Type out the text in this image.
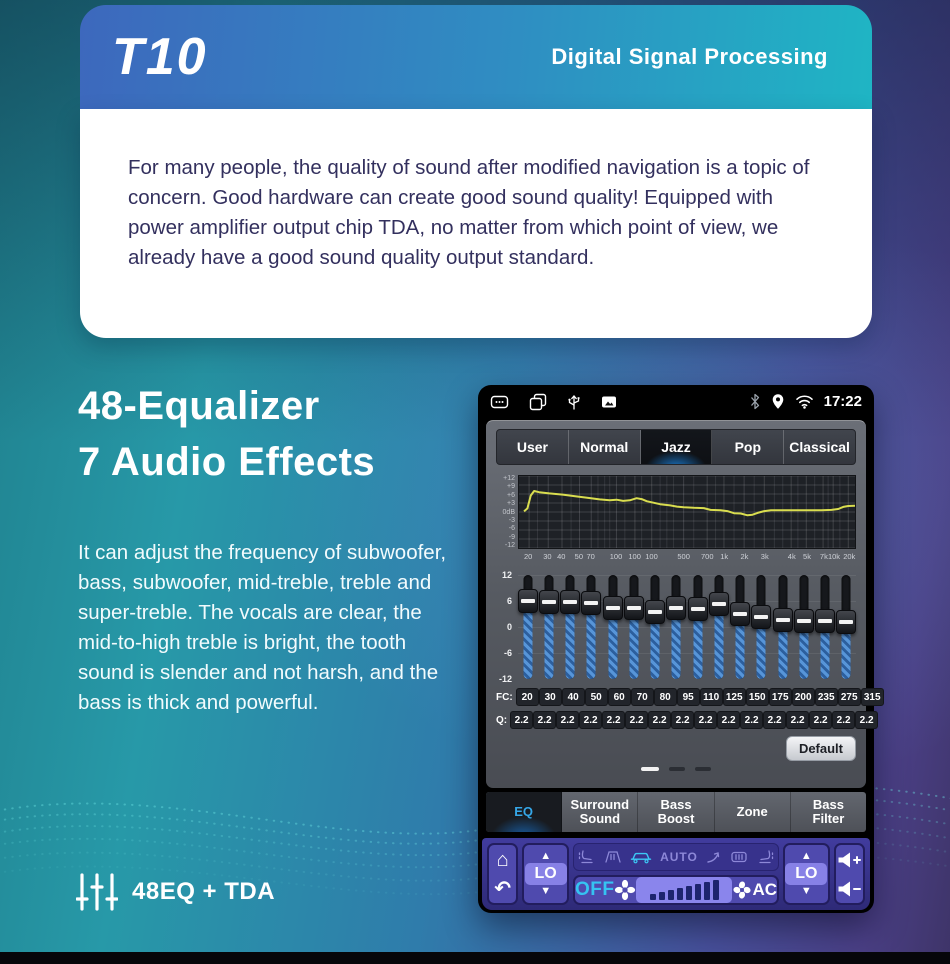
T10	Digital Signal Processing
For many people, the quality of sound after modified navigation is a topic of concern. Good hardware can create good sound quality! Equipped with power amplifier output chip TDA, no matter from which point of view, we already have a good sound quality output standard.
48-Equalizer
7 Audio Effects
It can adjust the frequency of subwoofer, bass, subwoofer, mid-treble, treble and super-treble. The vocals are clear, the mid-to-high treble is bright, the tooth sound is slender and not harsh, and the bass is thick and powerful.
48EQ + TDA
17:22
User	Normal	Jazz	Pop	Classical
+12
+9
+6
+3
0dB
-3
-6
-9
-12
20 30 40 50 70 100 100 100	500 700 1k 2k 3k	4k 5k 7k 10k 20k
12
6
0
-6
-12
FC: 20	30	40	50	60	70	80	95 110 125 150 175 200 235 275 315
Q: 2.2 2.2 2.2 2.2 2.2 2.2 2.2 2.2 2.2 2.2 2.2 2.2 2.2 2.2 2.2 2.2
Default
EQ	Surround Sound
Bass Boost	Zone	Bass Filter
⌂
↶
▲
LO
▼
AUTO
OFF	AC
▲
LO
▼
